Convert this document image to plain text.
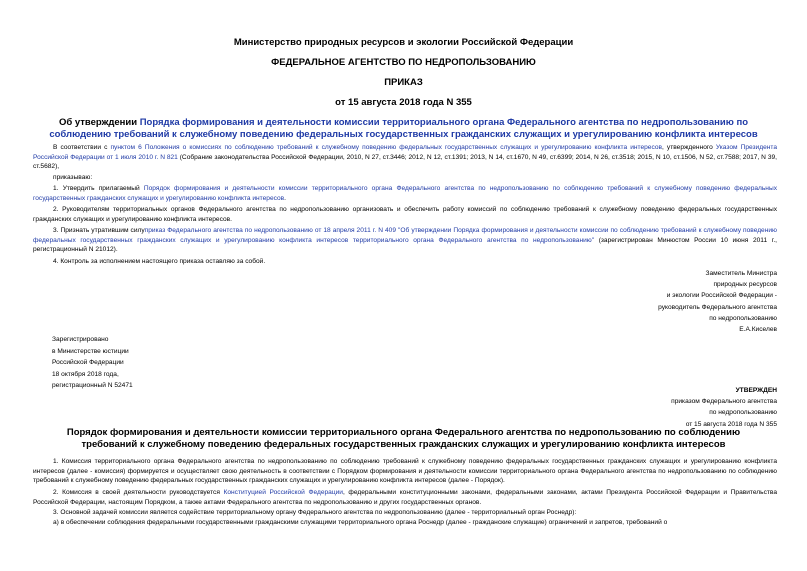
Министерство природных ресурсов и экологии Российской Федерации
ФЕДЕРАЛЬНОЕ АГЕНТСТВО ПО НЕДРОПОЛЬЗОВАНИЮ
ПРИКАЗ
от 15 августа 2018 года N 355
Об утверждении Порядка формирования и деятельности комиссии территориального органа Федерального агентства по недропользованию по соблюдению требований к служебному поведению федеральных государственных гражданских служащих и урегулированию конфликта интересов

В соответствии с пунктом 6 Положения о комиссиях по соблюдению требований к служебному поведению федеральных государственных служащих и урегулированию конфликта интересов, утвержденного Указом Президента Российской Федерации от 1 июля 2010 г. N 821 (Собрание законодательства Российской Федерации, 2010, N 27, ст.3446; 2012, N 12, ст.1391; 2013, N 14, ст.1670, N 49, ст.6399; 2014, N 26, ст.3518; 2015, N 10, ст.1506, N 52, ст.7588; 2017, N 39, ст.5682),

приказываю:

1. Утвердить прилагаемый Порядок формирования и деятельности комиссии территориального органа Федерального агентства по недропользованию по соблюдению требований к служебному поведению федеральных государственных гражданских служащих и урегулированию конфликта интересов.

2. Руководителям территориальных органов Федерального агентства по недропользованию организовать и обеспечить работу комиссий по соблюдению требований к служебному поведению федеральных государственных гражданских служащих и урегулированию конфликта интересов.

3. Признать утратившим силуприказ Федерального агентства по недропользованию от 18 апреля 2011 г. N 409 "Об утверждении Порядка формирования и деятельности комиссии по соблюдению требований к служебному поведению федеральных государственных гражданских служащих и урегулированию конфликта интересов территориального органа Федерального агентства по недропользованию" (зарегистрирован Минюстом России 10 июня 2011 г., регистрационный N 21012).

4. Контроль за исполнением настоящего приказа оставляю за собой.

Заместитель Министра
природных ресурсов
и экологии Российской Федерации -
руководитель Федерального агентства
по недропользованию
Е.А.Киселев
Зарегистрировано
в Министерстве юстиции
Российской Федерации
18 октября 2018 года,
регистрационный N 52471
УТВЕРЖДЕН
приказом Федерального агентства
по недропользованию
от 15 августа 2018 года N 355
Порядок формирования и деятельности комиссии территориального органа Федерального агентства по недропользованию по соблюдению требований к служебному поведению федеральных государственных гражданских служащих и урегулированию конфликта интересов

1. Комиссия территориального органа Федерального агентства по недропользованию по соблюдению требований к служебному поведению федеральных государственных гражданских служащих и урегулированию конфликта интересов (далее - комиссия) формируется и осуществляет свою деятельность в соответствии с Порядком формирования и деятельности комиссии территориального органа Федерального агентства по недропользованию по соблюдению требований к служебному поведению федеральных государственных гражданских служащих и урегулированию конфликта интересов (далее - Порядок).

2. Комиссия в своей деятельности руководствуется Конституцией Российской Федерации, федеральными конституционными законами, федеральными законами, актами Президента Российской Федерации и Правительства Российской Федерации, настоящим Порядком, а также актами Федерального агентства по недропользованию и других государственных органов.

3. Основной задачей комиссии является содействие территориальному органу Федерального агентства по недропользованию (далее - территориальный орган Роснедр):

а) в обеспечении соблюдения федеральными государственными гражданскими служащими территориального органа Роснедр (далее - гражданские служащие) ограничений и запретов, требований о
